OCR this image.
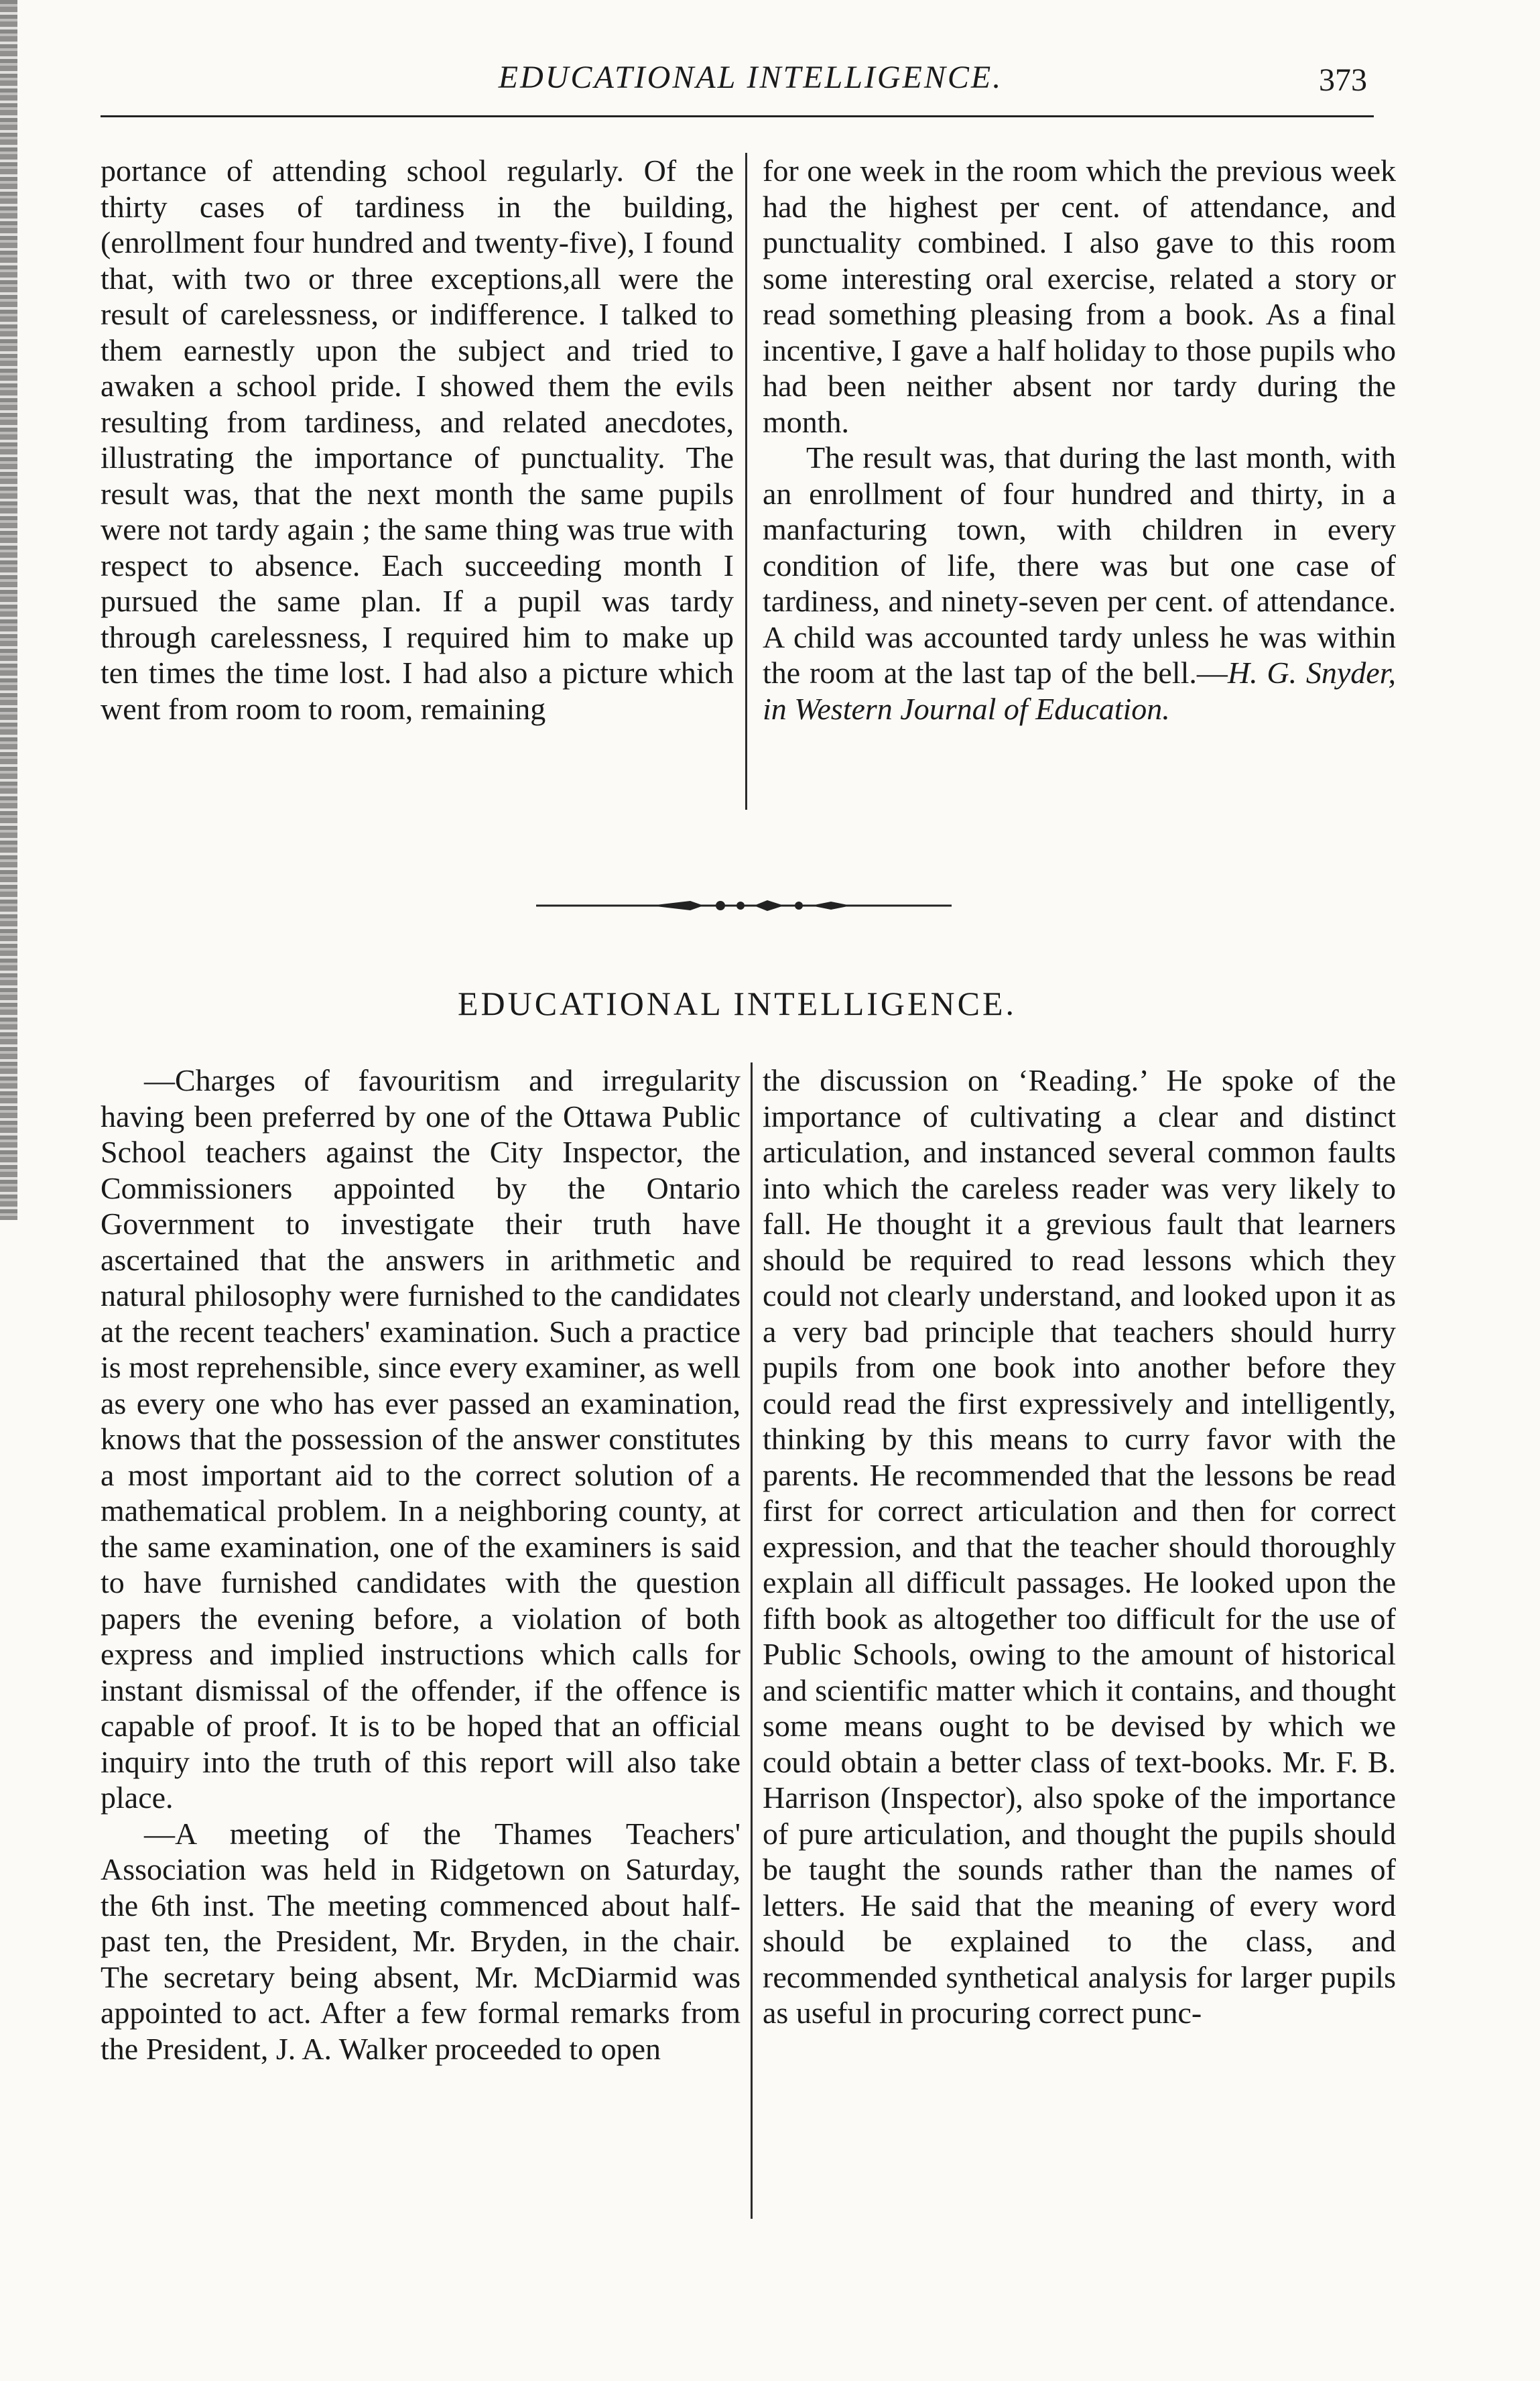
EDUCATIONAL INTELLIGENCE.	373

portance of attending school regularly. Of the thirty cases of tardiness in the building, (enrollment four hundred and twenty-five), I found that, with two or three exceptions,all were the result of carelessness, or indifference. I talked to them earnestly upon the subject and tried to awaken a school pride. I showed them the evils resulting from tardiness, and related anecdotes, illustrating the importance of punctuality. The result was, that the next month the same pupils were not tardy again ; the same thing was true with respect to absence. Each succeeding month I pursued the same plan. If a pupil was tardy through carelessness, I required him to make up ten times the time lost. I had also a picture which went from room to room, remaining

for one week in the room which the previous week had the highest per cent. of attendance, and punctuality combined. I also gave to this room some interesting oral exercise, related a story or read something pleasing from a book. As a final incentive, I gave a half holiday to those pupils who had been neither absent nor tardy during the month.

The result was, that during the last month, with an enrollment of four hundred and thirty, in a manfacturing town, with children in every condition of life, there was but one case of tardiness, and ninety-seven per cent. of attendance. A child was accounted tardy unless he was within the room at the last tap of the bell.—H. G. Snyder, in Western Journal of Education.

EDUCATIONAL INTELLIGENCE.

—Charges of favouritism and irregularity having been preferred by one of the Ottawa Public School teachers against the City Inspector, the Commissioners appointed by the Ontario Government to investigate their truth have ascertained that the answers in arithmetic and natural philosophy were furnished to the candidates at the recent teachers' examination. Such a practice is most reprehensible, since every examiner, as well as every one who has ever passed an examination, knows that the possession of the answer constitutes a most important aid to the correct solution of a mathematical problem. In a neighboring county, at the same examination, one of the examiners is said to have furnished candidates with the question papers the evening before, a violation of both express and implied instructions which calls for instant dismissal of the offender, if the offence is capable of proof. It is to be hoped that an official inquiry into the truth of this report will also take place.

—A meeting of the Thames Teachers' Association was held in Ridgetown on Saturday, the 6th inst. The meeting commenced about half-past ten, the President, Mr. Bryden, in the chair. The secretary being absent, Mr. McDiarmid was appointed to act. After a few formal remarks from the President, J. A. Walker proceeded to open

the discussion on ‘Reading.’ He spoke of the importance of cultivating a clear and distinct articulation, and instanced several common faults into which the careless reader was very likely to fall. He thought it a grevious fault that learners should be required to read lessons which they could not clearly understand, and looked upon it as a very bad principle that teachers should hurry pupils from one book into another before they could read the first expressively and intelligently, thinking by this means to curry favor with the parents. He recommended that the lessons be read first for correct articulation and then for correct expression, and that the teacher should thoroughly explain all difficult passages. He looked upon the fifth book as altogether too difficult for the use of Public Schools, owing to the amount of historical and scientific matter which it contains, and thought some means ought to be devised by which we could obtain a better class of text-books. Mr. F. B. Harrison (Inspector), also spoke of the importance of pure articulation, and thought the pupils should be taught the sounds rather than the names of letters. He said that the meaning of every word should be explained to the class, and recommended synthetical analysis for larger pupils as useful in procuring correct punc-
